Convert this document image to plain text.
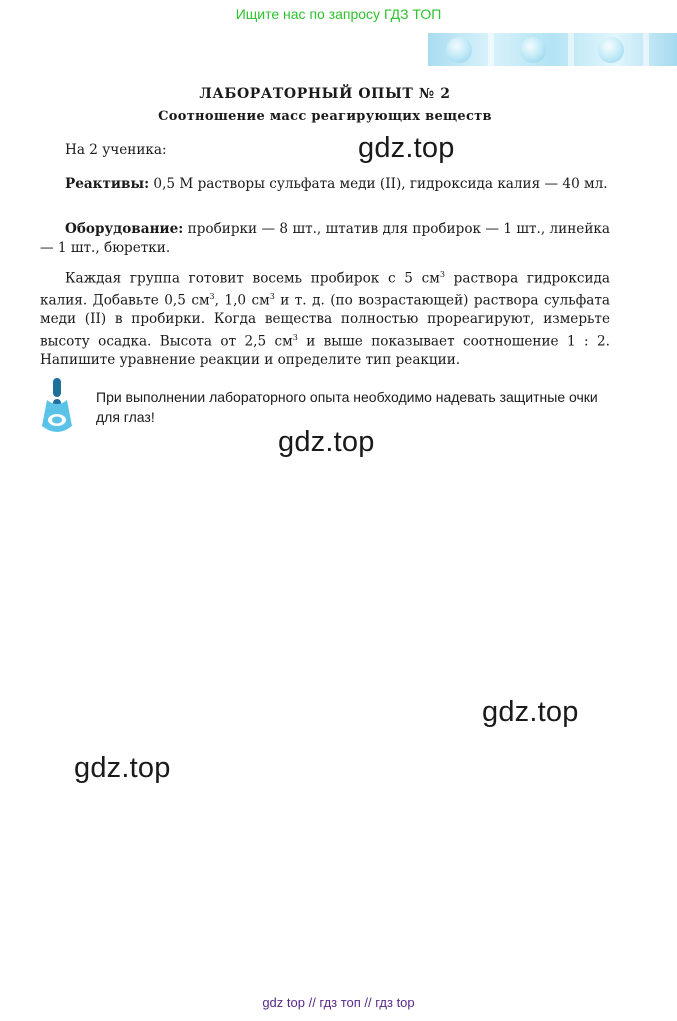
Ищите нас по запросу ГДЗ ТОП
ЛАБОРАТОРНЫЙ ОПЫТ № 2
Соотношение масс реагирующих веществ
На 2 ученика:
Реактивы: 0,5 М растворы сульфата меди (II), гидроксида калия — 40 мл.
Оборудование: пробирки — 8 шт., штатив для пробирок — 1 шт., линейка — 1 шт., бюретки.
Каждая группа готовит восемь пробирок с 5 $см^3$ раствора гидроксида калия. Добавьте 0,5 $см^3$, 1,0 $см^3$ и т. д. (по возрастающей) раствора сульфата меди (II) в пробирки. Когда вещества полностью прореагируют, измерьте высоту осадка. Высота от 2,5 $см^3$ и выше показывает соотношение 1 : 2. Напишите уравнение реакции и определите тип реакции.
При выполнении лабораторного опыта необходимо надевать защитные очки для глаз!
gdz.top
gdz.top
gdz.top
gdz.top
gdz top // гдз топ // гдз top
